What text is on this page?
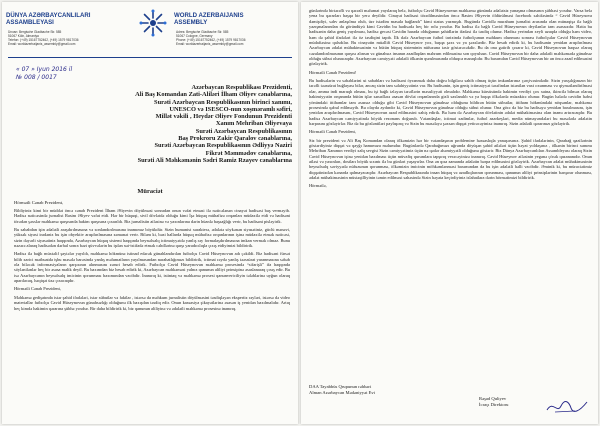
DÜNYA AZƏRBAYCANLILARI
ASSAMBLEYASI
WORLD AZERBAIJANIS
ASSEMBLY
Ünvan: Bergische Gladbache Str. 585
51067 Köln, Almaniya
Telefon: (+49) 15167752462, (+49) 1579 9817036
Email: worldazerbaijanis_assembly@gmail.com
Adres: Bergische Gladbache Str. 585
51067 Cologne, Germany
Phone: (+49) 15167752462, (+49) 1579 9817036
Email: worldazerbaijanis_assembly@gmail.com
« 07 » Iyun 2016 il
№ 008 / 0017
Azərbaycan Respublikası Prezidenti,
Ali Baş Komandan Zati-Aliləri İlham Əliyev cənablarına,
Surəti Azərbaycan Respublikasının birinci xanımı,
UNESCO və ISESCO-nun xoşməramlı səfiri,
Millət vəkili , Heydər Əliyev Fondunun Prezidenti
Xanım Mehriban Əliyevaya
Surəti Azərbaycan Respublikasının
Baş Prokroru Zakir Qaralov cənablarına,
Surəti Azərbaycan Respublikasının Ədliyyə Naziri
Fikrət Məmmədov cənablarına,
Surəti Ali Məhkəmənin Sədri Ramiz Rzayev cənablarına
Müraciət
Hörmətli Cənab Prezident,

Bildiyiniz kimi bir müddət öncə cənab Prezident İlham Əliyevin döyülməsi sonradan onun vəfat etməsi ilə nəticələnən cinayət hadisəsi baş verməyib. Hadisə nəticəsində jurnalist Rasim Əliyev vəfat etdi. Hər bir hüquqi, sivil dövlətdə olduğu kimi İşə hüquq mühafizə orqanları müdaxilə etdi və hadisəni törədən şəxslər məhkəmə qarşısında hakim qarşısına çıxarıldı. Biz jurnalistin ailəsinə və yaxınlarına dərin hüznlə başsağlığı verir, bu hadisəni pisləyirik.

Bu sababdan işin ədalətli araşdırılmasına və sonlandırılmasına inamımız böyükdür. Sizin humanist xarakterə, ədalətə söykənən siyasətiniz, güclü mənəvi, yüksək siyasi iradəniz bu işin obyektiv araşdırılmasına zəmanət verir. Biləm ki, bəzi hallarda hüquq mühafizə orqanlarının işinə müdaxilə etmək nəticəsi, sizin dəyərli siyasətiniz haqqında, Azərbaycan hüquq sistemi haqqında beynəlxalq ictimaiyyətdə yanlış rəy formalaşdırılmasına imkan vermək olmaz. Bunu nəzərə alaraq hadisədən dərhal sonra bəzi qüvvələrin bu işdən sui-istifadə etmək cəhdlərinə qarşı yaradıcılıqla çıxış etdiyimizi bildiririk.

Hadisə ilə bağlı müxtəlif şayiələr yayıldı, məhkəmə hökmünə istinad edərək günahlandırılan futbolçu Cavid Hüseynovun adı çəkildi. Biz hadisəni fürsət bilib xarici mətbuatda işbu məsələ barəsində yanlış məlumatların yayılmasından narahatlığımızı bildiririk, ictimai rəydə yanlış təəssürat yaranmasına səbəb ola biləcək informasiyaların qarşısının alınmasını zəruri hesab edirik. Futbolçu Cavid Hüseynovun məhkəmə prosesində “sifarişli” ifa haqqında söylənilənlər heç bir əsasa malik deyil. Bu baxımdan biz hesab edirik ki, Azərbaycan məhkəməsi yalnız qanunun aliliyi prinsipinə əsaslanaraq çıxış edir. Bu isə Azərbaycanın beynəlxalq imicinin qorunması baxımından vacibdir. İnanırıq ki, istintaq və məhkəmə prosesi qanunvericiliyin tələblərinə uyğun olaraq aparılacaq, həqiqət üzə çıxacaqdır.

Hörmətli Cənab Prezident,

Məhkəmə gedişatında istər şahid ifadələri, istər sübutlar və faktlar , istərsə da məhkum jurnalistin döyülməsini təsdiqləyən ekspertiz rəyləri, istərsə də video materiallar futbolçu Cavid Hüseynovun günahsızlığı olduğunu ilk baxışdan təsdiq edir. Onun kassasiya şikayətlərinə əsasən iş yenidən baxılmalıdır. Artıq heç kimdə hakimin qərarına şübhə yoxdur. Bir daha bildiririk ki, biz qanunun aliliyinə və ədalətli məhkəmə prosesinə inanırıq.

günlərində birtərəfli və qərəzli məlumat yayılaraq belə, futbolçu Cavid Hüseynovun məhkəmə günündə ədalətsiz yanaşma olmasının şübhəsi yoxdur. Varsa belə yena bu qərarları başqa bir yerə deyildir. Cinayət hadisəsi törədilməsindən öncə Rasim Əliyevin öldürülməsi facebook səhifəsində “ Cavid Hüseynova dəmişdiyi, səhv anlaşılma olub, üzr istədim masala bağlandı” kimi status yazmışdı. Bugündə Cavidlə murahum jurnalist arasında olan münaqişə ilə bağlı yazışmalarından da göründüyü kimi Cavidin bu hadisədə heç bir rolu yoxdur. Bu hadisə ilə bağlı Cavid Hüseynovun deyilənlər tam əsassızdır. Hətta bu hadisənin daha geniş yayılması, hadisə gecəsi Cavidin harada olduğunun şahidlərin ifadəsi ilə təsdiq olunur. Hadisə yerindən xeyli uzaqda olduğu həm video, həm də şahid ifadələri ilə öz təsdiqini tapıb. İlk dəfə Azərbaycan futbol tarixində futbolçunun məhkum olunması sonrası futbolçular Cavid Hüseynovun müdafiəsinə qalxdılar. Bu cinayətin müəllifi Cavid Hüseynov yox, başqa şəxs və ya şəxslərdir. Biz hesab edirik ki, bu hadisənin yenidən araşdırılması Azərbaycan ədalət mühakiməsinin və bütün hüquq sisteminin nüfuzuna təsir göstərəcəkdir. Bu da ona gətirib çıxarır ki, Cavid Hüseynovun haqsız olaraq cəzalandırılmasının qarşısı alınsın və günahsız insanın azadlıqdan məhrum edilməsinə son qoyulsun. Cavid Hüseynovun bir daha ədalətli məhkəmədə günahsız olduğu sübut olunacaqdır. Azərbaycan cəmiyyəti ədalətli ölkənin qurulmasında olduqca maraqlıdır. Bu baxımdan Cavid Hüseynovun bir an öncə azad edilməsini gözləyirik.

Hörmətli Cənab Prezident!

Bu hadisələrin və səbəblərini ui sababları və hadisəni öyrənmək daha doğru bilgilərə sahib olmaq üçün imkanlarınız çərçivəsindədir. Sizin yaxşılığınızın bir tərəfli təəssürat buğlayası bilər, ancaq sizin tam səlahiyyətiniz var. Bu hadisənin, işin geniş ictimaiyyət tərəfindən istənilən vaxt oxunması və qiymətləndirilməsi olar, amma indi maraqlı olması, bu işi bağlı izləyən tərəflərin məsuliyyəti olmalıdır. Məhkəmə kürsüsündə hakimin verdiyi çox xaina, ikincilə bilməz olaraq hakimiyyətin orqanında bütün işlər sənədlərə əsasən dövlət orqanlarında gizli saxlanılıb və ya başqa ölkələrdə müzakirə olunur. Bugün hələdə cavidin həbsi yönündəki ittihamlar tam əsassız olduğu gibi Cavid Hüseynovun günahsız olduğunu bildirən bütün sübutlar, ittiham hökmündəki nöqsanlar, məhkəmə prosesində qəbul edilməyib. Bu olayda aydındır ki, Cavid Hüseynovun günahsız olduğu sübut olunur. Ona görə də biz bu hadisəyə yenidən baxılmasını, işin yenidən araşdırılmasını, Cavid Hüseynovun azad edilməsini xahiş edirik. Bu həm də Azərbaycan dövlətinin ədalət mühakiməsinə olan inamı artıracaqdır. Bu hadisə Azərbaycan cəmiyyətində böyük rezonans doğurub. Vətəndaşlar, ictimai xadimlər, futbol azarkeşləri, media nümayəndələri bu məsələdə ədalətin bərpasını gözləyirlər. Biz də bu gözləntiləri paylaşırıq və Sizin bu məsələyə şəxsən diqqət yetirəcəyinizə inanırıq. Sizin ədalətli qərarınızı gözləyirik.

Hörmətli Cənab Prezident,

Siz bir prezident və Ali Baş Komandan olaraq ölkəmizin hər bir vətəndaşının problemine həssaslıqla yanaşırsınız. Şahid ifadələrinin, Qarabağ qazilərinin göstərdiyiniz diqqət və qayğı hamımıza məlumdur. Bugünlərdə Qarabağımızı uğrunda döyüşən şahid ailələri üçün həyat yoldaşınız , ölkənin birinci xanımı Mehriban Xanımın verdiyi xalq sevgisi Sizin cəmiyyətimiz üçün nə qədər əhəmiyyətli olduğunu göstərir. Biz Dünya Azərbaycanlıları Assambleyası olaraq Sizin Cavid Hüseynovun işinə yenidən baxılması üçün müvafiq qurumlara tapşırıq verəcəyinizə inanırıq. Cavid Hüseynov ailəsinin yeganə çörək qazananıdır. Onun ailəsi və yaxınları, dostları böyük sıxıntı ilə bu günləri yaşayırlar. Ona ən qısa zamanda ədalətin bərpa edilməsini gözləyirik. Azərbaycan ədalət mühakiməsinin beynəlxalq səviyyədə nüfuzunun qorunması, ölkəmizin imicinin möhkəmlənməsi baxımından da bu işin ədalətli həlli vacibdir. Əminik ki, bu müraciətimiz diqqətinizdən kənarda qalmayacaqdır. Azərbaycan Respublikasında insan hüquq və azadlıqlarının qorunması, qanunun aliliyi prinsiplərinin bərqərar olunması, ədalət mühakiməsinin müstəqilliyinin təmin edilməsi sahəsində Sizin həyata keçirdiyiniz islahatlara dərin hörmətimizi bildiririk.

Hörmətlə,

DAA Tayabbüs Qrupunun rəhbəri
Alman Azərbaycan Mədəniyyət Evi
Rəşad Quliyev
İcraçı Direktoru
